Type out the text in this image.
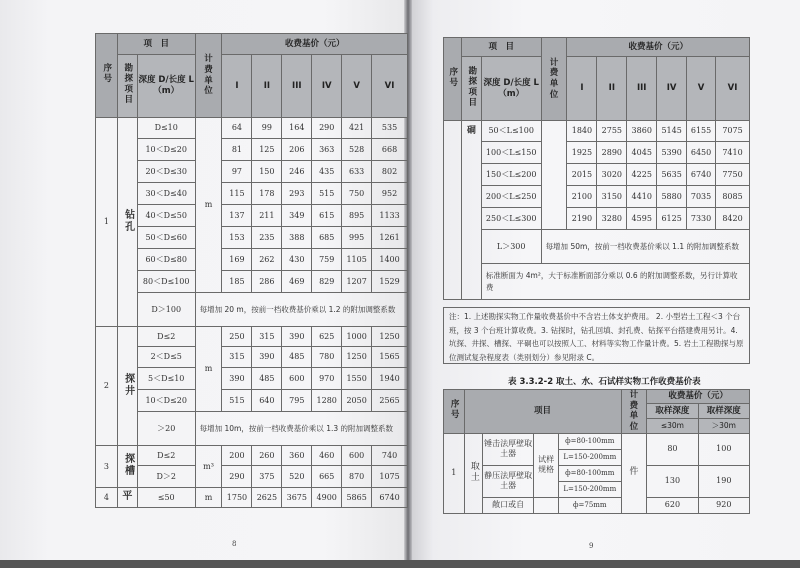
序号	项　目		计费单位	收费基价（元）					
	勘探项目	深度 D/长度 L（m）		I	II	III	IV	V	VI
1	钻孔	D≤10	m	64	99	164	290	421	535
		10＜D≤20		81	125	206	363	528	668
		20＜D≤30		97	150	246	435	633	802
		30＜D≤40		115	178	293	515	750	952
		40＜D≤50		137	211	349	615	895	1133
		50＜D≤60		153	235	388	685	995	1261
		60＜D≤80		169	262	430	759	1105	1400
		80＜D≤100		185	286	469	829	1207	1529
		D＞100	每增加 20 m，按前一档收费基价乘以 1.2 的附加调整系数						
2	探井	D≤2	m	250	315	390	625	1000	1250
		2＜D≤5		315	390	485	780	1250	1565
		5＜D≤10		390	485	600	970	1550	1940
		10＜D≤20		515	640	795	1280	2050	2565
		＞20	每增加 10m，按前一档收费基价乘以 1.3 的附加调整系数						
3	探槽	D≤2	m³	200	260	360	460	600	740
		D＞2		290	375	520	665	870	1075
4	平	≤50	m	1750	2625	3675	4900	5865	6740
8
序号	项　目		计费单位	收费基价（元）					
	勘探项目	深度 D/长度 L（m）		I	II	III	IV	V	VI
	硐	50＜L≤100		1840	2755	3860	5145	6155	7075
		100＜L≤150		1925	2890	4045	5390	6450	7410
		150＜L≤200		2015	3020	4225	5635	6740	7750
		200＜L≤250		2100	3150	4410	5880	7035	8085
		250＜L≤300		2190	3280	4595	6125	7330	8420
		L＞300	每增加 50m，按前一档收费基价乘以 1.1 的附加调整系数						
		标准断面为 4m²，大于标准断面部分乘以 0.6 的附加调整系数，另行计算收费							
注：1. 上述勘探实物工作量收费基价中不含岩土体支护费用。 2. 小型岩土工程＜3 个台班，按 3 个台班计算收费。3. 钻探时，钻孔回填、封孔费、钻探平台搭建费用另计。4. 坑探、井探、槽探、平硐也可以按照人工、材料等实物工作量计费。5. 岩土工程勘探与原位测试复杂程度表（类别划分）参见附录 C。
表 3.3.2-2 取土、水、石试样实物工作收费基价表
序号	项目				计费单位	收费基价（元）	
						取样深度	取样深度
						≤30m	＞30m
1	取土	锤击法厚壁取土器	试样规格	ф=80-100mm	件	80	100
				L=150-200mm			
		静压法厚壁取土器		ф=80-100mm		130	190
				L=150-200mm			
		敞口或自		ф=75mm		620	920
9
